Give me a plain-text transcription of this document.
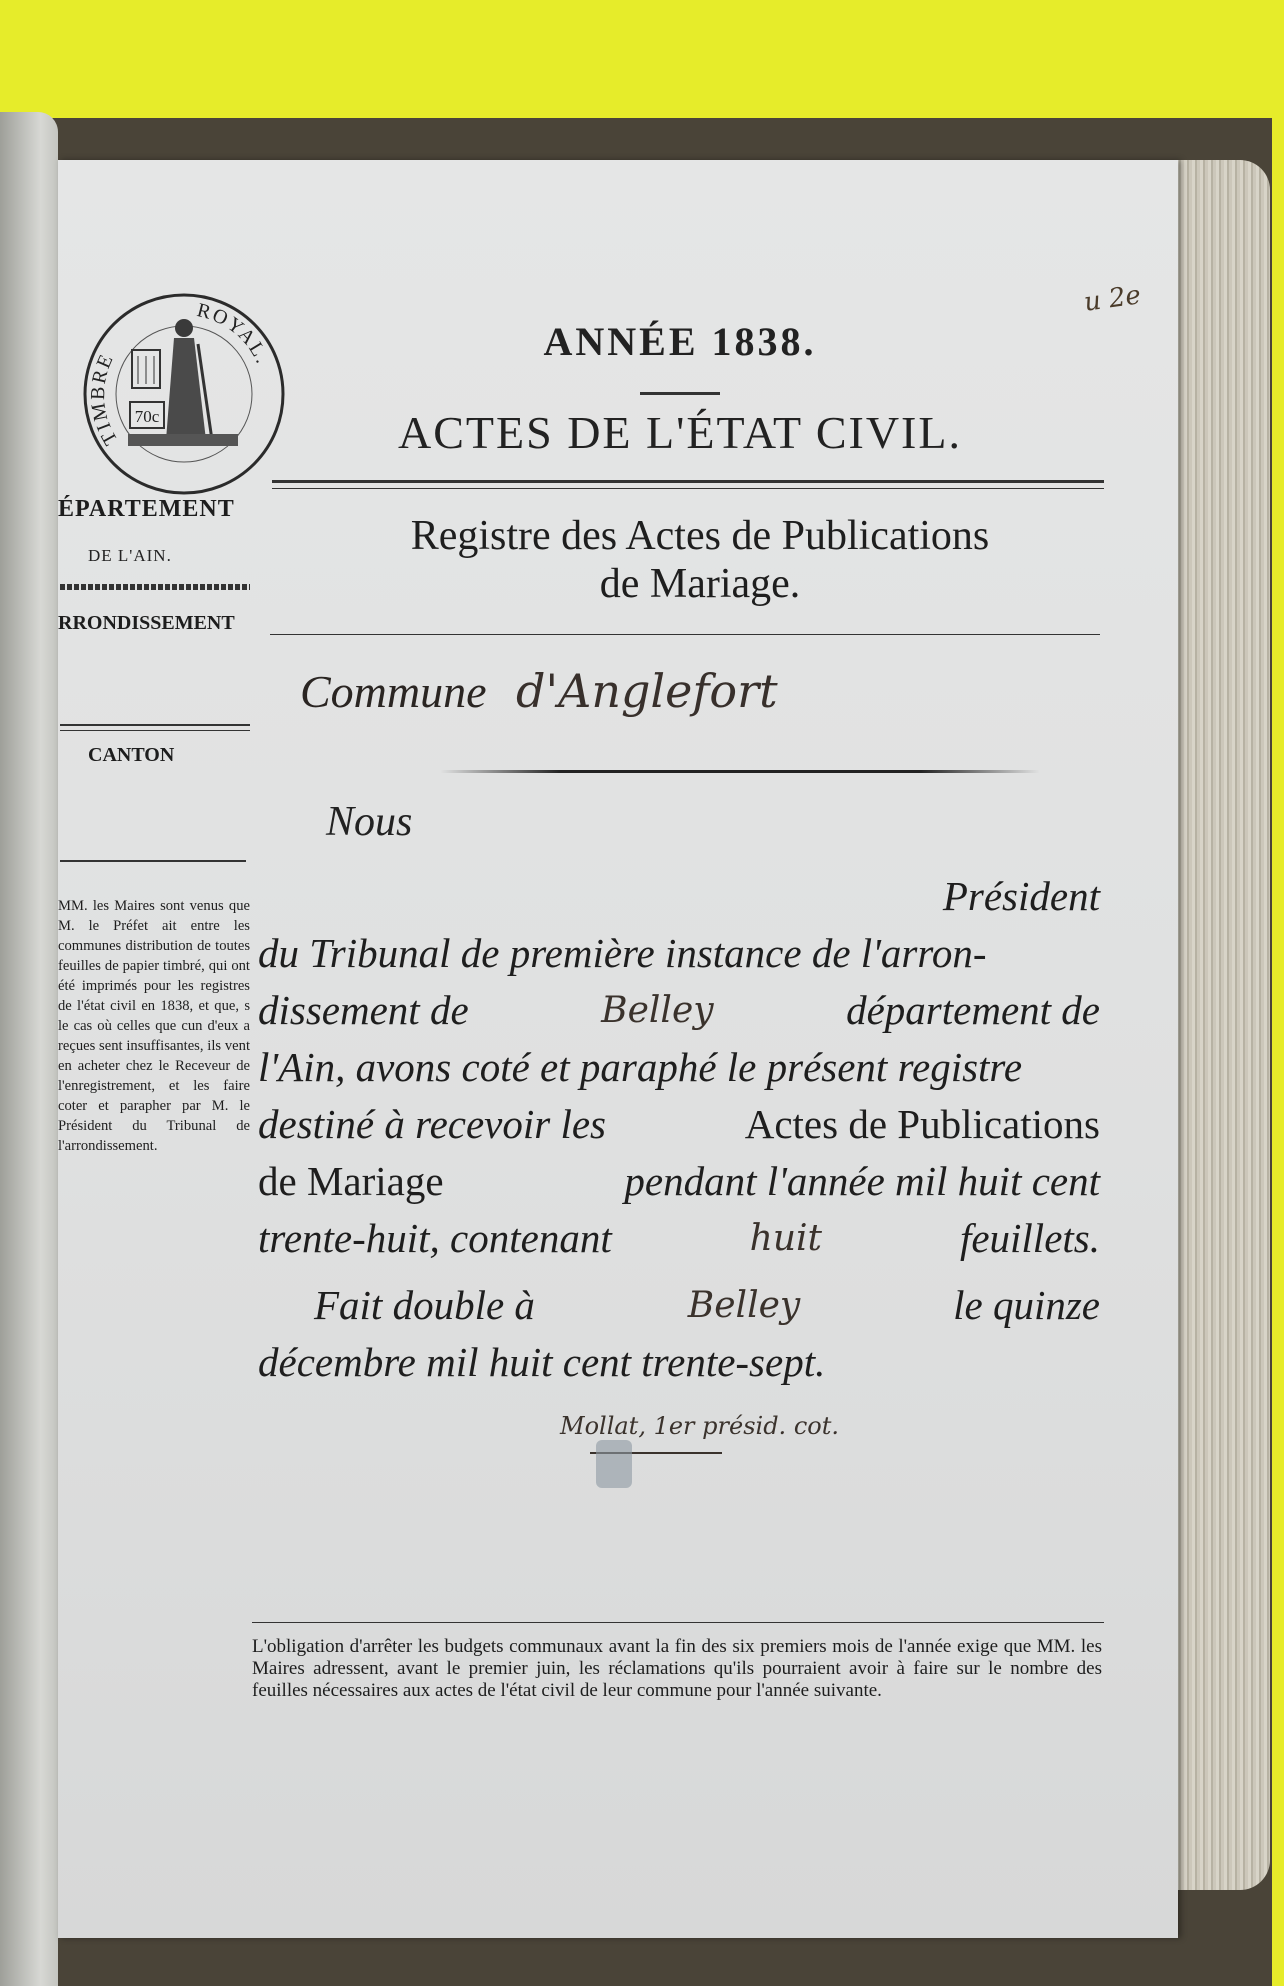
TIMBRE
ROYAL.
70c
ÉPARTEMENT
DE L'AIN.
RRONDISSEMENT
CANTON

MM. les Maires sont venus que M. le Préfet ait entre les communes distribution de toutes feuilles de papier timbré, qui ont été imprimés pour les registres de l'état civil en 1838, et que, s le cas où celles que cun d'eux a reçues sent insuffisantes, ils vent en acheter chez le Receveur de l'enregistrement, et les faire coter et parapher par M. le Président du Tribunal de l'arrondissement.

ANNÉE 1838.
ACTES DE L'ÉTAT CIVIL.
Registre des Actes de Publications
de Mariage.
Commune d'Anglefort
Nous
Président
du Tribunal de première instance de l'arron-
dissement de	Belley	département de
l'Ain, avons coté et paraphé le présent registre
destiné à recevoir les	Actes de Publications
de Mariage	pendant l'année mil huit cent
trente-huit, contenant	huit	feuillets.
Fait double à	Belley	le quinze
décembre mil huit cent trente-sept.
Mollat, 1er présid. cot.
u 2e

L'obligation d'arrêter les budgets communaux avant la fin des six premiers mois de l'année exige que MM. les Maires adressent, avant le premier juin, les réclamations qu'ils pourraient avoir à faire sur le nombre des feuilles nécessaires aux actes de l'état civil de leur commune pour l'année suivante.
